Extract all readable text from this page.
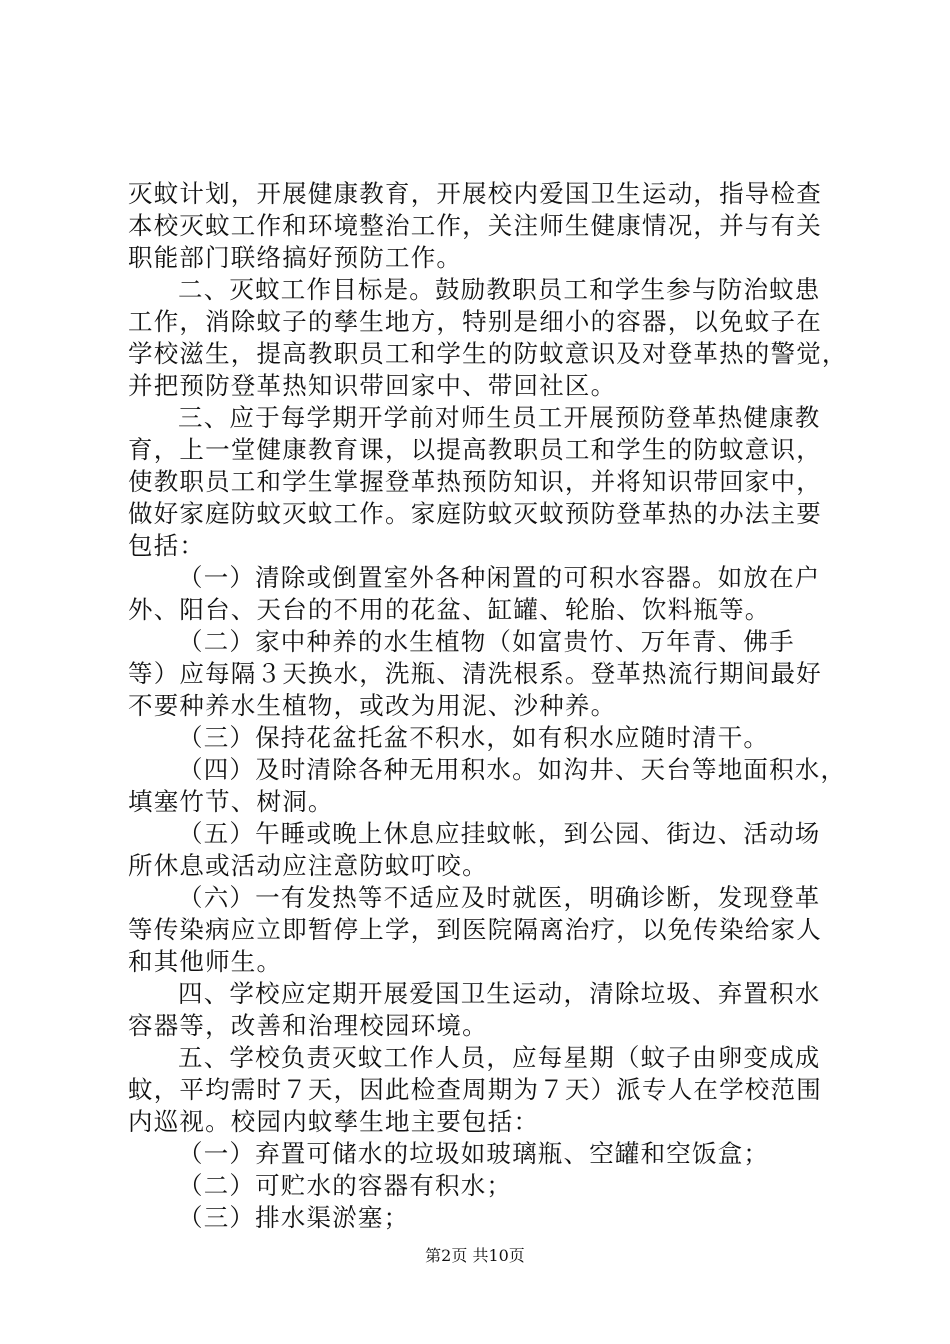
灭蚊计划，开展健康教育，开展校内爱国卫生运动，指导检查
本校灭蚊工作和环境整治工作，关注师生健康情况，并与有关
职能部门联络搞好预防工作。
二、灭蚊工作目标是。鼓励教职员工和学生参与防治蚊患
工作，消除蚊子的孳生地方，特别是细小的容器，以免蚊子在
学校滋生，提高教职员工和学生的防蚊意识及对登革热的警觉，
并把预防登革热知识带回家中、带回社区。
三、应于每学期开学前对师生员工开展预防登革热健康教
育，上一堂健康教育课，以提高教职员工和学生的防蚊意识，
使教职员工和学生掌握登革热预防知识，并将知识带回家中，
做好家庭防蚊灭蚊工作。家庭防蚊灭蚊预防登革热的办法主要
包括：
（一）清除或倒置室外各种闲置的可积水容器。如放在户
外、阳台、天台的不用的花盆、缸罐、轮胎、饮料瓶等。
（二）家中种养的水生植物（如富贵竹、万年青、佛手
等）应每隔３天换水，洗瓶、清洗根系。登革热流行期间最好
不要种养水生植物，或改为用泥、沙种养。
（三）保持花盆托盆不积水，如有积水应随时清干。
（四）及时清除各种无用积水。如沟井、天台等地面积水，
填塞竹节、树洞。
（五）午睡或晚上休息应挂蚊帐，到公园、街边、活动场
所休息或活动应注意防蚊叮咬。
（六）一有发热等不适应及时就医，明确诊断，发现登革
等传染病应立即暂停上学，到医院隔离治疗，以免传染给家人
和其他师生。
四、学校应定期开展爱国卫生运动，清除垃圾、弃置积水
容器等，改善和治理校园环境。
五、学校负责灭蚊工作人员，应每星期（蚊子由卵变成成
蚊，平均需时７天，因此检查周期为７天）派专人在学校范围
内巡视。校园内蚊孳生地主要包括：
（一）弃置可储水的垃圾如玻璃瓶、空罐和空饭盒；
（二）可贮水的容器有积水；
（三）排水渠淤塞；
第2页 共10页
